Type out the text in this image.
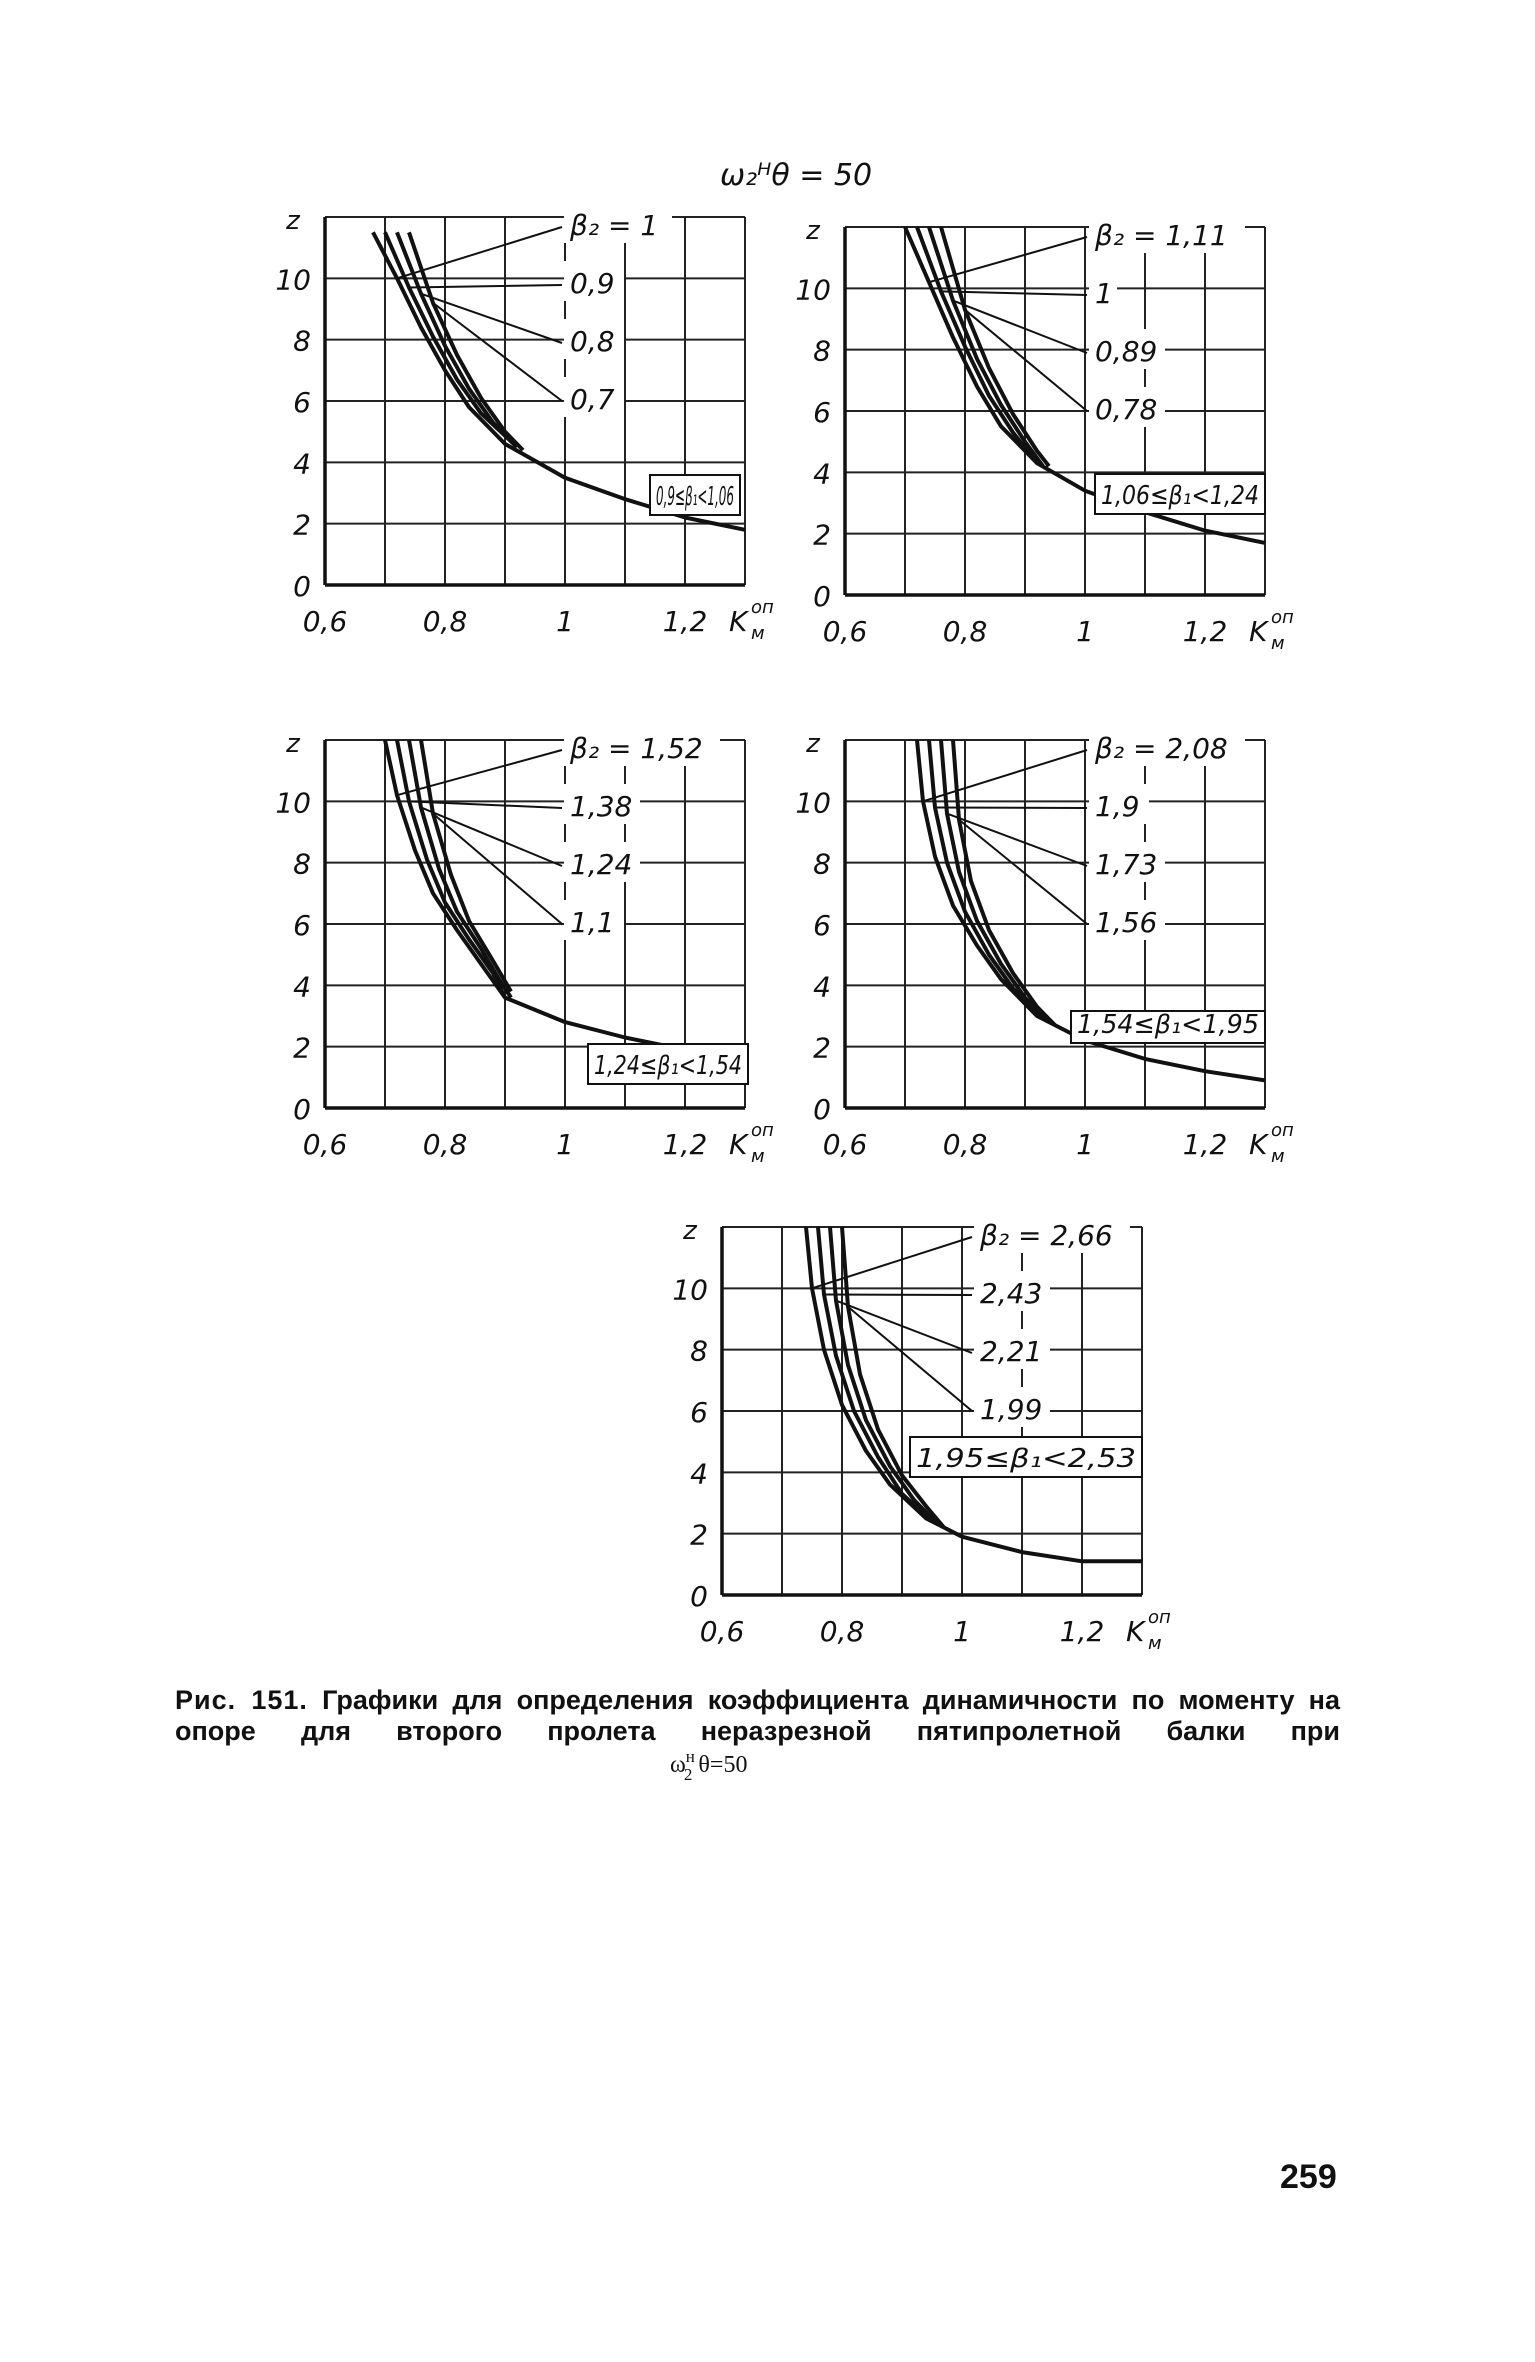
ω₂ᴴθ = 50
0
2
4
6
8
10
z
0,6	0,8	1	1,2 K оп
м
β₂ = 1
0,9
0,8
0,7
0,9≤β₁<1,06
0
2
4
6
8
10
z
0,6	0,8	1	1,2 K оп
м
β₂ = 1,11
1
0,89
0,78
1,06≤β₁<1,24
0
2
4
6
8
10
z
0,6	0,8	1	1,2 K оп
м
β₂ = 1,52
1,38
1,24
1,1
1,24≤β₁<1,54
0
2
4
6
8
10
z
0,6	0,8	1	1,2 K оп
м
β₂ = 2,08
1,9
1,73
1,56
1,54≤β₁<1,95
0
2
4
6
8
10
z
0,6	0,8	1	1,2 K оп
м
β₂ = 2,66
2,43
2,21
1,99
1,95≤β₁<2,53
Рис. 151. Графики для определения коэффициента динамичности по моменту на опоре для второго пролета неразрезной пятипролетной балки при
$\omega^н_2$ θ=50
259
